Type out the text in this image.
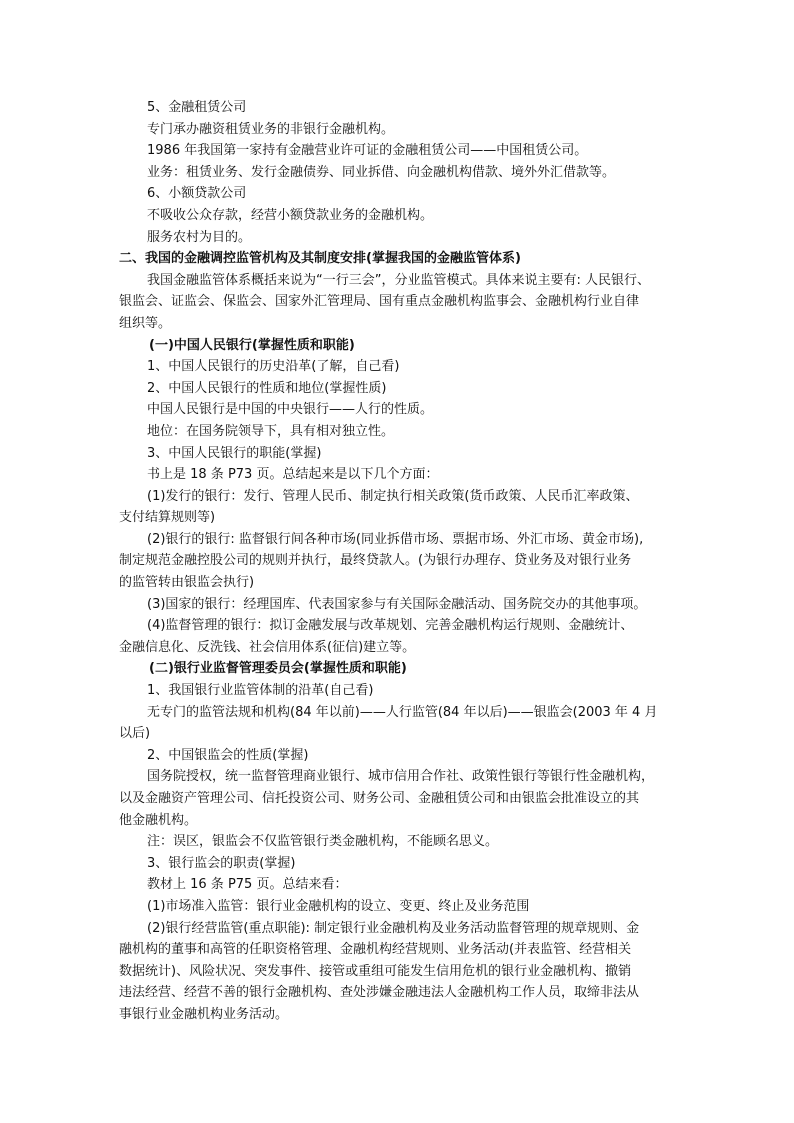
5、金融租赁公司
专门承办融资租赁业务的非银行金融机构。
1986 年我国第一家持有金融营业许可证的金融租赁公司——中国租赁公司。
业务：租赁业务、发行金融债券、同业拆借、向金融机构借款、境外外汇借款等。
6、小额贷款公司
不吸收公众存款，经营小额贷款业务的金融机构。
服务农村为目的。
二、我国的金融调控监管机构及其制度安排(掌握我国的金融监管体系)
我国金融监管体系概括来说为“一行三会”，分业监管模式。具体来说主要有: 人民银行、
银监会、证监会、保监会、国家外汇管理局、国有重点金融机构监事会、金融机构行业自律
组织等。
(一)中国人民银行(掌握性质和职能)
1、中国人民银行的历史沿革(了解，自己看)
2、中国人民银行的性质和地位(掌握性质)
中国人民银行是中国的中央银行——人行的性质。
地位：在国务院领导下，具有相对独立性。
3、中国人民银行的职能(掌握)
书上是 18 条 P73 页。总结起来是以下几个方面：
(1)发行的银行：发行、管理人民币、制定执行相关政策(货币政策、人民币汇率政策、
支付结算规则等)
(2)银行的银行: 监督银行间各种市场(同业拆借市场、票据市场、外汇市场、黄金市场),
制定规范金融控股公司的规则并执行，最终贷款人。(为银行办理存、贷业务及对银行业务
的监管转由银监会执行)
(3)国家的银行：经理国库、代表国家参与有关国际金融活动、国务院交办的其他事项。
(4)监督管理的银行：拟订金融发展与改革规划、完善金融机构运行规则、金融统计、
金融信息化、反洗钱、社会信用体系(征信)建立等。
(二)银行业监督管理委员会(掌握性质和职能)
1、我国银行业监管体制的沿革(自己看)
无专门的监管法规和机构(84 年以前)——人行监管(84 年以后)——银监会(2003 年 4 月
以后)
2、中国银监会的性质(掌握)
国务院授权，统一监督管理商业银行、城市信用合作社、政策性银行等银行性金融机构，
以及金融资产管理公司、信托投资公司、财务公司、金融租赁公司和由银监会批准设立的其
他金融机构。
注：误区，银监会不仅监管银行类金融机构，不能顾名思义。
3、银行监会的职责(掌握)
教材上 16 条 P75 页。总结来看：
(1)市场准入监管：银行业金融机构的设立、变更、终止及业务范围
(2)银行经营监管(重点职能): 制定银行业金融机构及业务活动监督管理的规章规则、金
融机构的董事和高管的任职资格管理、金融机构经营规则、业务活动(并表监管、经营相关
数据统计)、风险状况、突发事件、接管或重组可能发生信用危机的银行业金融机构、撤销
违法经营、经营不善的银行金融机构、查处涉嫌金融违法人金融机构工作人员，取缔非法从
事银行业金融机构业务活动。
